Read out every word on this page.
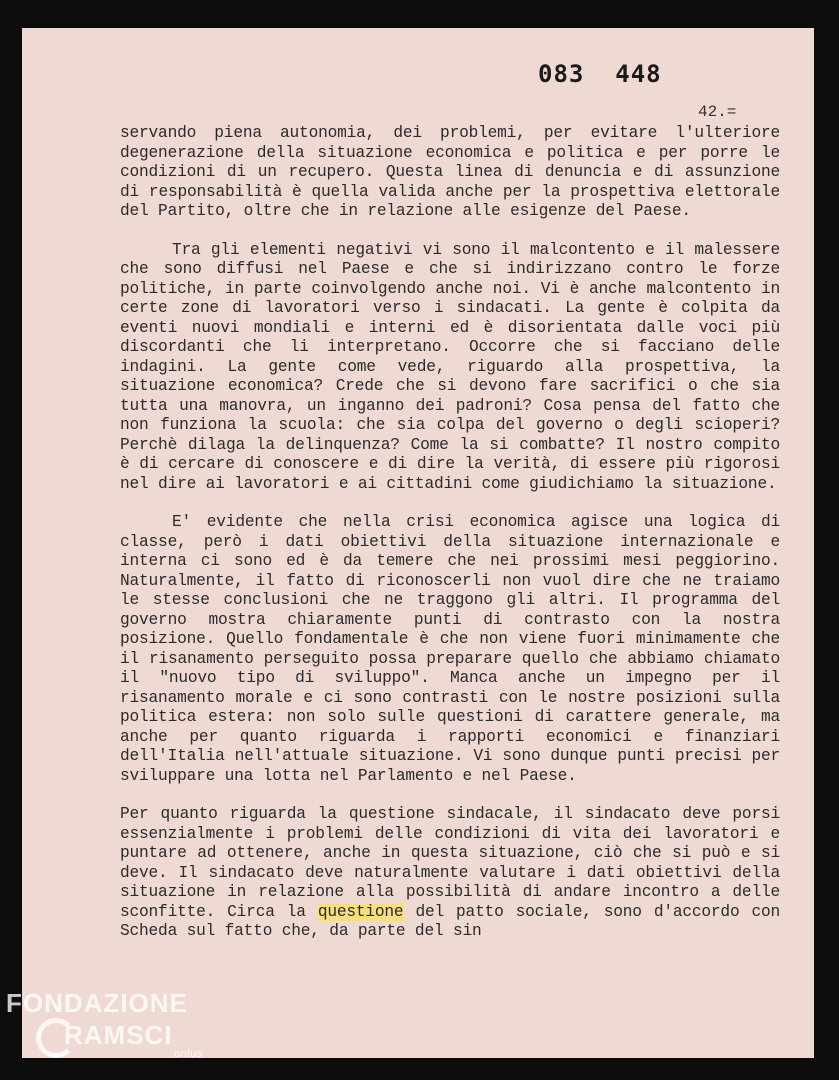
083  448
42.=

servando piena autonomia, dei problemi, per evitare l'ulteriore degenerazione della situazione economica e politica e per porre le condizioni di un recupero. Questa linea di denuncia e di assunzione di responsabilità è quella valida anche per la prospettiva elettorale del Partito, oltre che in relazione alle esigenze del Paese.

Tra gli elementi negativi vi sono il malcontento e il malessere che sono diffusi nel Paese e che si indirizzano contro le forze politiche, in parte coinvolgendo anche noi. Vi è anche malcontento in certe zone di lavoratori verso i sindacati. La gente è colpita da eventi nuovi mondiali e interni ed è disorientata dalle voci più discordanti che li interpretano. Occorre che si facciano delle indagini. La gente come vede, riguardo alla prospettiva, la situazione economica? Crede che si devono fare sacrifici o che sia tutta una manovra, un inganno dei padroni? Cosa pensa del fatto che non funziona la scuola: che sia colpa del governo o degli scioperi? Perchè dilaga la delinquenza? Come la si combatte? Il nostro compito è di cercare di conoscere e di dire la verità, di essere più rigorosi nel dire ai lavoratori e ai cittadini come giudichiamo la situazione.

E' evidente che nella crisi economica agisce una logica di classe, però i dati obiettivi della situazione internazionale e interna ci sono ed è da temere che nei prossimi mesi peggiorino. Naturalmente, il fatto di riconoscerli non vuol dire che ne traiamo le stesse conclusioni che ne traggono gli altri. Il programma del governo mostra chiaramente punti di contrasto con la nostra posizione. Quello fondamentale è che non viene fuori minimamente che il risanamento perseguito possa preparare quello che abbiamo chiamato il "nuovo tipo di sviluppo". Manca anche un impegno per il risanamento morale e ci sono contrasti con le nostre posizioni sulla politica estera: non solo sulle questioni di carattere generale, ma anche per quanto riguarda i rapporti economici e finanziari dell'Italia nell'attuale situazione. Vi sono dunque punti precisi per sviluppare una lotta nel Parlamento e nel Paese.

Per quanto riguarda la questione sindacale, il sindacato deve porsi essenzialmente i problemi delle condizioni di vita dei lavoratori e puntare ad ottenere, anche in questa situazione, ciò che si può e si deve. Il sindacato deve naturalmente valutare i dati obiettivi della situazione in relazione alla possibilità di andare incontro a delle sconfitte. Circa la questione del patto sociale, sono d'accordo con Scheda sul fatto che, da parte del sin

FONDAZIONE
RAMSCI
onlus
